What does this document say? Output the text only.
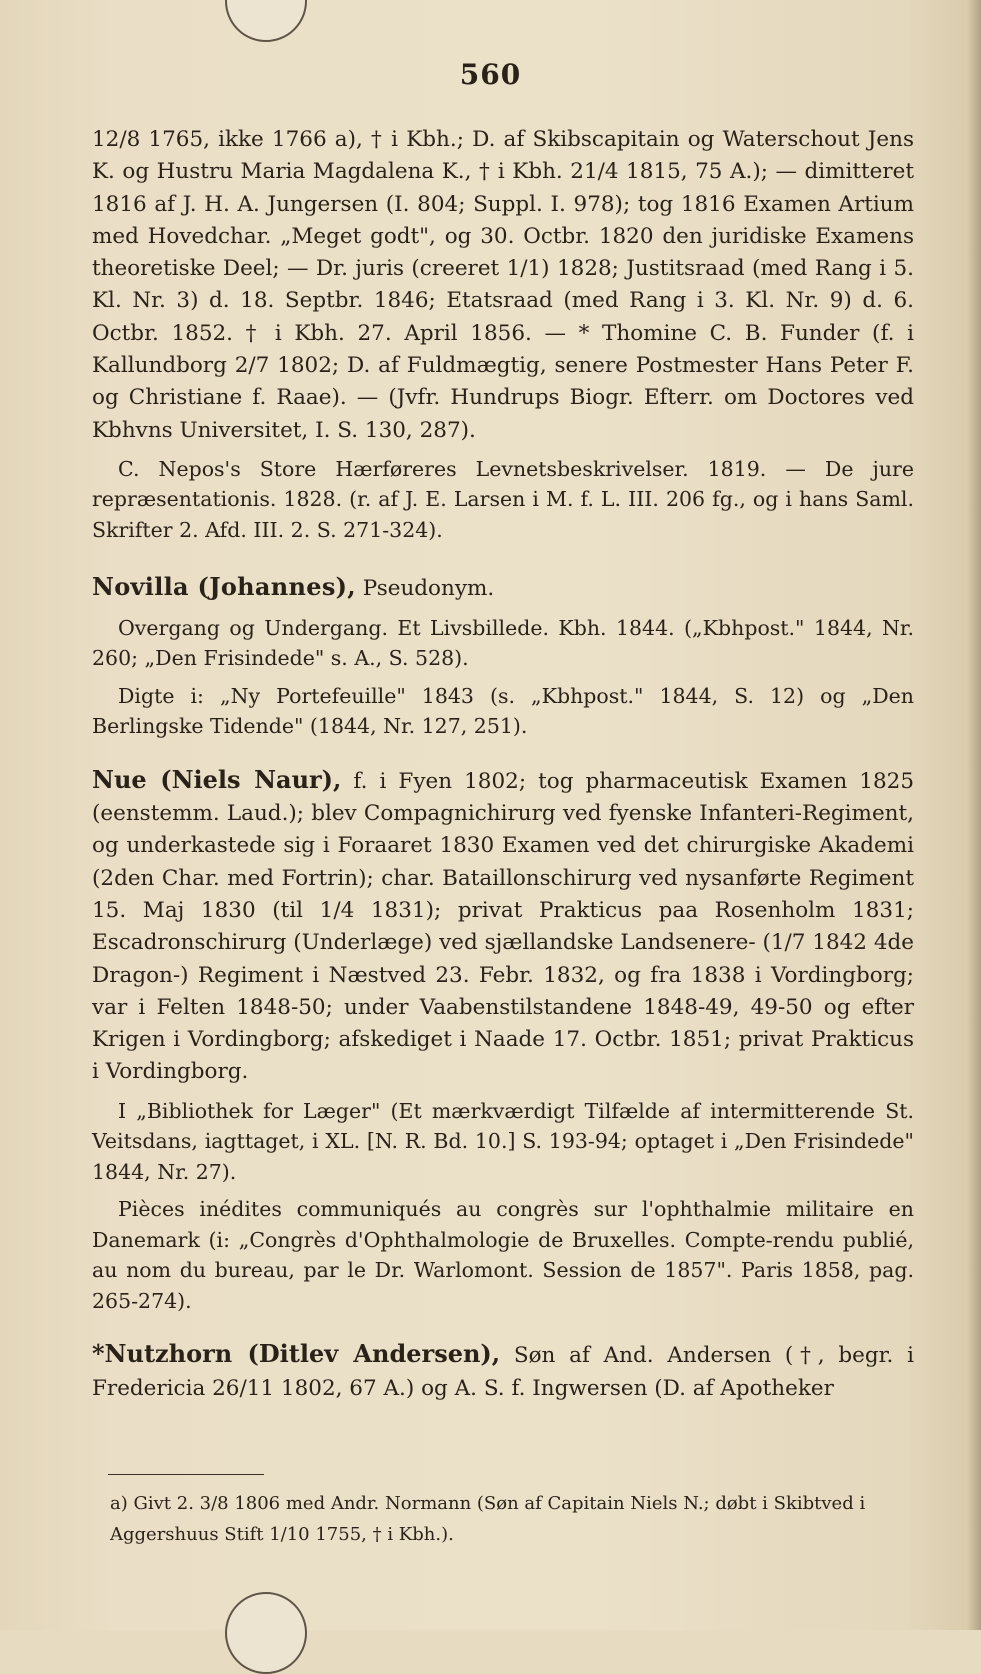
560

12/8 1765, ikke 1766 a), † i Kbh.; D. af Skibscapitain og Waterschout Jens K. og Hustru Maria Magdalena K., † i Kbh. 21/4 1815, 75 A.); — dimitteret 1816 af J. H. A. Jungersen (I. 804; Suppl. I. 978); tog 1816 Examen Artium med Hovedchar. „Meget godt", og 30. Octbr. 1820 den juridiske Examens theoretiske Deel; — Dr. juris (creeret 1/1) 1828; Justitsraad (med Rang i 5. Kl. Nr. 3) d. 18. Septbr. 1846; Etatsraad (med Rang i 3. Kl. Nr. 9) d. 6. Octbr. 1852. † i Kbh. 27. April 1856. — * Thomine C. B. Funder (f. i Kallundborg 2/7 1802; D. af Fuldmægtig, senere Postmester Hans Peter F. og Christiane f. Raae). — (Jvfr. Hundrups Biogr. Efterr. om Doctores ved Kbhvns Universitet, I. S. 130, 287).

C. Nepos's Store Hærføreres Levnetsbeskrivelser. 1819. — De jure repræsentationis. 1828. (r. af J. E. Larsen i M. f. L. III. 206 fg., og i hans Saml. Skrifter 2. Afd. III. 2. S. 271-324).

Novilla (Johannes), Pseudonym.

Overgang og Undergang. Et Livsbillede. Kbh. 1844. („Kbhpost." 1844, Nr. 260; „Den Frisindede" s. A., S. 528).

Digte i: „Ny Portefeuille" 1843 (s. „Kbhpost." 1844, S. 12) og „Den Berlingske Tidende" (1844, Nr. 127, 251).

Nue (Niels Naur), f. i Fyen 1802; tog pharmaceutisk Examen 1825 (eenstemm. Laud.); blev Compagnichirurg ved fyenske Infanteri-Regiment, og underkastede sig i Foraaret 1830 Examen ved det chirurgiske Akademi (2den Char. med Fortrin); char. Bataillonschirurg ved nysanførte Regiment 15. Maj 1830 (til 1/4 1831); privat Prakticus paa Rosenholm 1831; Escadronschirurg (Underlæge) ved sjællandske Landsenere- (1/7 1842 4de Dragon-) Regiment i Næstved 23. Febr. 1832, og fra 1838 i Vordingborg; var i Felten 1848-50; under Vaabenstilstandene 1848-49, 49-50 og efter Krigen i Vordingborg; afskediget i Naade 17. Octbr. 1851; privat Prakticus i Vordingborg.

I „Bibliothek for Læger" (Et mærkværdigt Tilfælde af intermitterende St. Veitsdans, iagttaget, i XL. [N. R. Bd. 10.] S. 193-94; optaget i „Den Frisindede" 1844, Nr. 27).

Pièces inédites communiqués au congrès sur l'ophthalmie militaire en Danemark (i: „Congrès d'Ophthalmologie de Bruxelles. Compte-rendu publié, au nom du bureau, par le Dr. Warlomont. Session de 1857". Paris 1858, pag. 265-274).

*Nutzhorn (Ditlev Andersen), Søn af And. Andersen (†, begr. i Fredericia 26/11 1802, 67 A.) og A. S. f. Ingwersen (D. af Apotheker

a) Givt 2. 3/8 1806 med Andr. Normann (Søn af Capitain Niels N.; døbt i Skibtved i Aggershuus Stift 1/10 1755, † i Kbh.).
